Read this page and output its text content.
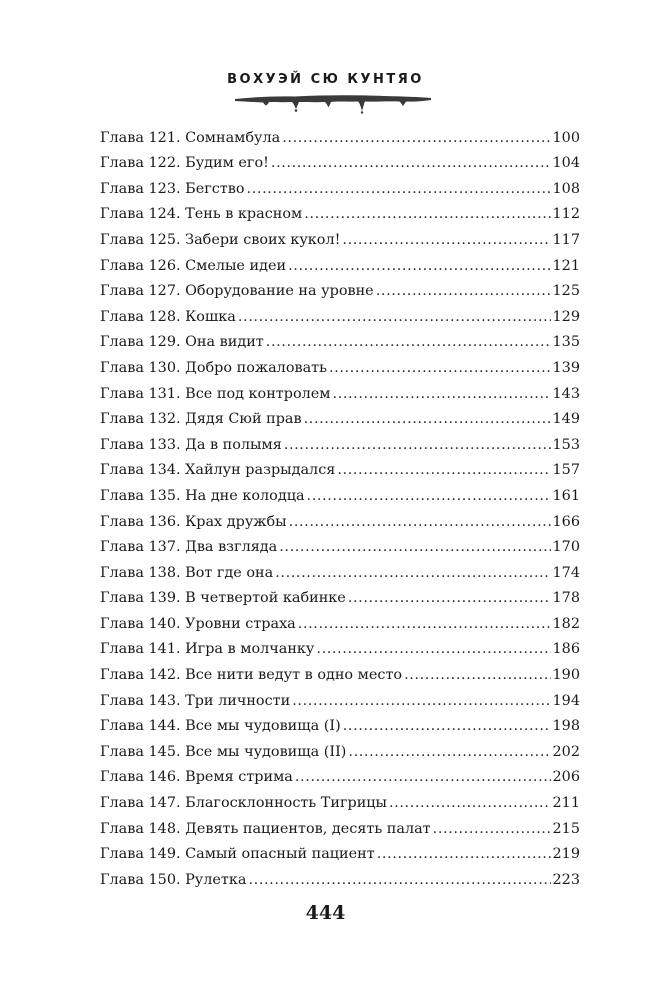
ВОХУЭЙ СЮ КУНТЯО
Глава 121. Сомнамбула .....	100
Глава 122. Будим его! .....	104
Глава 123. Бегство .....	108
Глава 124. Тень в красном .....	112
Глава 125. Забери своих кукол! .....	117
Глава 126. Смелые идеи .....	121
Глава 127. Оборудование на уровне .....	125
Глава 128. Кошка .....	129
Глава 129. Она видит .....	135
Глава 130. Добро пожаловать .....	139
Глава 131. Все под контролем .....	143
Глава 132. Дядя Сюй прав .....	149
Глава 133. Да в полымя .....	153
Глава 134. Хайлун разрыдался .....	157
Глава 135. На дне колодца .....	161
Глава 136. Крах дружбы .....	166
Глава 137. Два взгляда .....	170
Глава 138. Вот где она .....	174
Глава 139. В четвертой кабинке .....	178
Глава 140. Уровни страха .....	182
Глава 141. Игра в молчанку .....	186
Глава 142. Все нити ведут в одно место .....	190
Глава 143. Три личности .....	194
Глава 144. Все мы чудовища (I) .....	198
Глава 145. Все мы чудовища (II) .....	202
Глава 146. Время стрима .....	206
Глава 147. Благосклонность Тигрицы .....	211
Глава 148. Девять пациентов, десять палат .....	215
Глава 149. Самый опасный пациент .....	219
Глава 150. Рулетка .....	223
444
